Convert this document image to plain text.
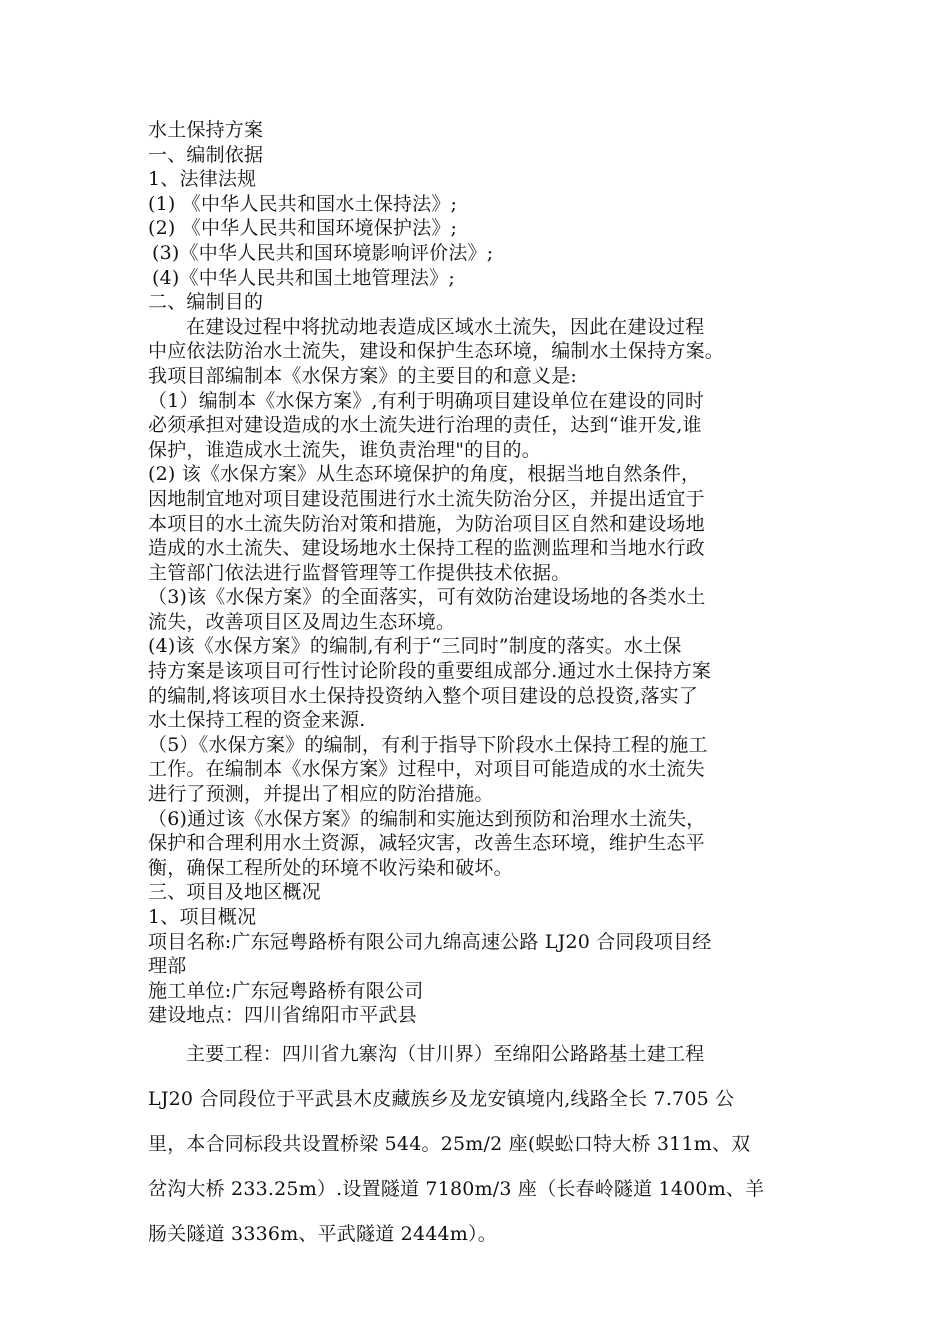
水土保持方案
一、编制依据
1、法律法规
(1) 《中华人民共和国水土保持法》;
(2) 《中华人民共和国环境保护法》;
(3)《中华人民共和国环境影响评价法》;
(4)《中华人民共和国土地管理法》;
二、编制目的
在建设过程中将扰动地表造成区域水土流失，因此在建设过程
中应依法防治水土流失，建设和保护生态环境，编制水土保持方案。
我项目部编制本《水保方案》的主要目的和意义是:
（1）编制本《水保方案》,有利于明确项目建设单位在建设的同时
必须承担对建设造成的水土流失进行治理的责任，达到“谁开发,谁
保护，谁造成水土流失，谁负责治理"的目的。
(2) 该《水保方案》从生态环境保护的角度，根据当地自然条件，
因地制宜地对项目建设范围进行水土流失防治分区，并提出适宜于
本项目的水土流失防治对策和措施，为防治项目区自然和建设场地
造成的水土流失、建设场地水土保持工程的监测监理和当地水行政
主管部门依法进行监督管理等工作提供技术依据。
（3)该《水保方案》的全面落实，可有效防治建设场地的各类水土
流失，改善项目区及周边生态环境。
(4)该《水保方案》的编制,有利于“三同时”制度的落实。水土保
持方案是该项目可行性讨论阶段的重要组成部分.通过水土保持方案
的编制,将该项目水土保持投资纳入整个项目建设的总投资,落实了
水土保持工程的资金来源.
（5）《水保方案》的编制，有利于指导下阶段水土保持工程的施工
工作。在编制本《水保方案》过程中，对项目可能造成的水土流失
进行了预测，并提出了相应的防治措施。
（6)通过该《水保方案》的编制和实施达到预防和治理水土流失，
保护和合理利用水土资源，减轻灾害，改善生态环境，维护生态平
衡，确保工程所处的环境不收污染和破坏。
三、项目及地区概况
1、项目概况
项目名称:广东冠粤路桥有限公司九绵高速公路 LJ20 合同段项目经
理部
施工单位:广东冠粤路桥有限公司
建设地点：四川省绵阳市平武县
主要工程：四川省九寨沟（甘川界）至绵阳公路路基土建工程
LJ20 合同段位于平武县木皮藏族乡及龙安镇境内,线路全长 7.705 公
里，本合同标段共设置桥梁 544。25m/2 座(蜈蚣口特大桥 311m、双
岔沟大桥 233.25m）.设置隧道 7180m/3 座（长春岭隧道 1400m、羊
肠关隧道 3336m、平武隧道 2444m）。
